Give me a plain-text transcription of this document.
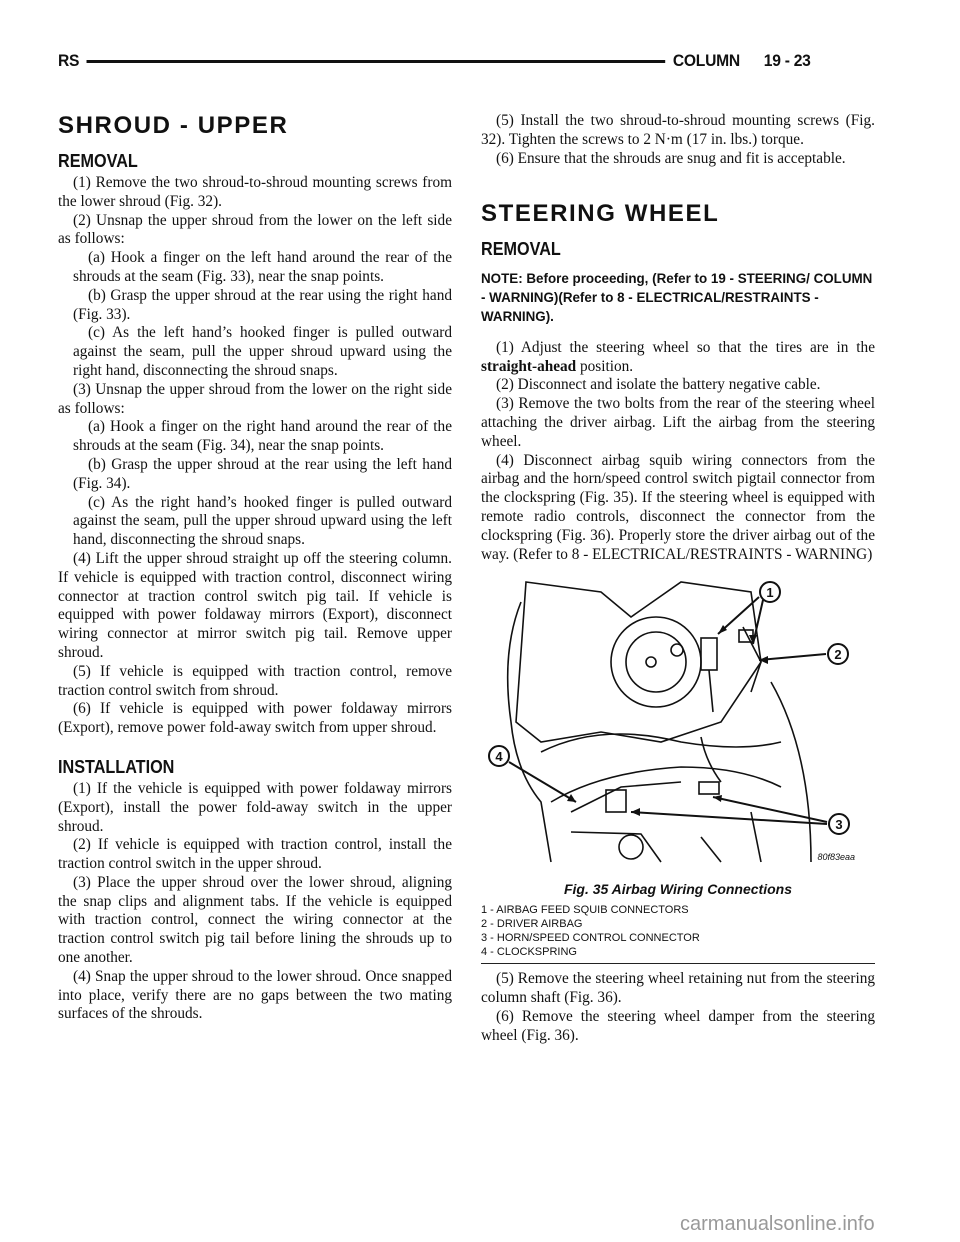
RS	COLUMN 19 - 23
SHROUD - UPPER
REMOVAL

(1) Remove the two shroud-to-shroud mounting screws from the lower shroud (Fig. 32).

(2) Unsnap the upper shroud from the lower on the left side as follows:

(a) Hook a finger on the left hand around the rear of the shrouds at the seam (Fig. 33), near the snap points.

(b) Grasp the upper shroud at the rear using the right hand (Fig. 33).

(c) As the left hand’s hooked finger is pulled outward against the seam, pull the upper shroud upward using the right hand, disconnecting the shroud snaps.

(3) Unsnap the upper shroud from the lower on the right side as follows:

(a) Hook a finger on the right hand around the rear of the shrouds at the seam (Fig. 34), near the snap points.

(b) Grasp the upper shroud at the rear using the left hand (Fig. 34).

(c) As the right hand’s hooked finger is pulled outward against the seam, pull the upper shroud upward using the left hand, disconnecting the shroud snaps.

(4) Lift the upper shroud straight up off the steering column. If vehicle is equipped with traction control, disconnect wiring connector at traction control switch pig tail. If vehicle is equipped with power foldaway mirrors (Export), disconnect wiring connector at mirror switch pig tail. Remove upper shroud.

(5) If vehicle is equipped with traction control, remove traction control switch from shroud.

(6) If vehicle is equipped with power foldaway mirrors (Export), remove power fold-away switch from upper shroud.

INSTALLATION

(1) If the vehicle is equipped with power foldaway mirrors (Export), install the power fold-away switch in the upper shroud.

(2) If vehicle is equipped with traction control, install the traction control switch in the upper shroud.

(3) Place the upper shroud over the lower shroud, aligning the snap clips and alignment tabs. If the vehicle is equipped with traction control, connect the wiring connector at the traction control switch pig tail before lining the shrouds up to one another.

(4) Snap the upper shroud to the lower shroud. Once snapped into place, verify there are no gaps between the two mating surfaces of the shrouds.

(5) Install the two shroud-to-shroud mounting screws (Fig. 32). Tighten the screws to 2 N·m (17 in. lbs.) torque.

(6) Ensure that the shrouds are snug and fit is acceptable.

STEERING WHEEL
REMOVAL
NOTE: Before proceeding, (Refer to 19 - STEERING/ COLUMN - WARNING)(Refer to 8 - ELECTRICAL/RESTRAINTS - WARNING).

(1) Adjust the steering wheel so that the tires are in the straight-ahead position.

(2) Disconnect and isolate the battery negative cable.

(3) Remove the two bolts from the rear of the steering wheel attaching the driver airbag. Lift the airbag from the steering wheel.

(4) Disconnect airbag squib wiring connectors from the airbag and the horn/speed control switch pigtail connector from the clockspring (Fig. 35). If the steering wheel is equipped with remote radio controls, disconnect the connector from the clockspring (Fig. 36). Properly store the driver airbag out of the way. (Refer to 8 - ELECTRICAL/RESTRAINTS - WARNING)

1
2
3
4
80f83eaa
Fig. 35 Airbag Wiring Connections
1 - AIRBAG FEED SQUIB CONNECTORS
2 - DRIVER AIRBAG
3 - HORN/SPEED CONTROL CONNECTOR
4 - CLOCKSPRING

(5) Remove the steering wheel retaining nut from the steering column shaft (Fig. 36).

(6) Remove the steering wheel damper from the steering wheel (Fig. 36).

carmanualsonline.info
